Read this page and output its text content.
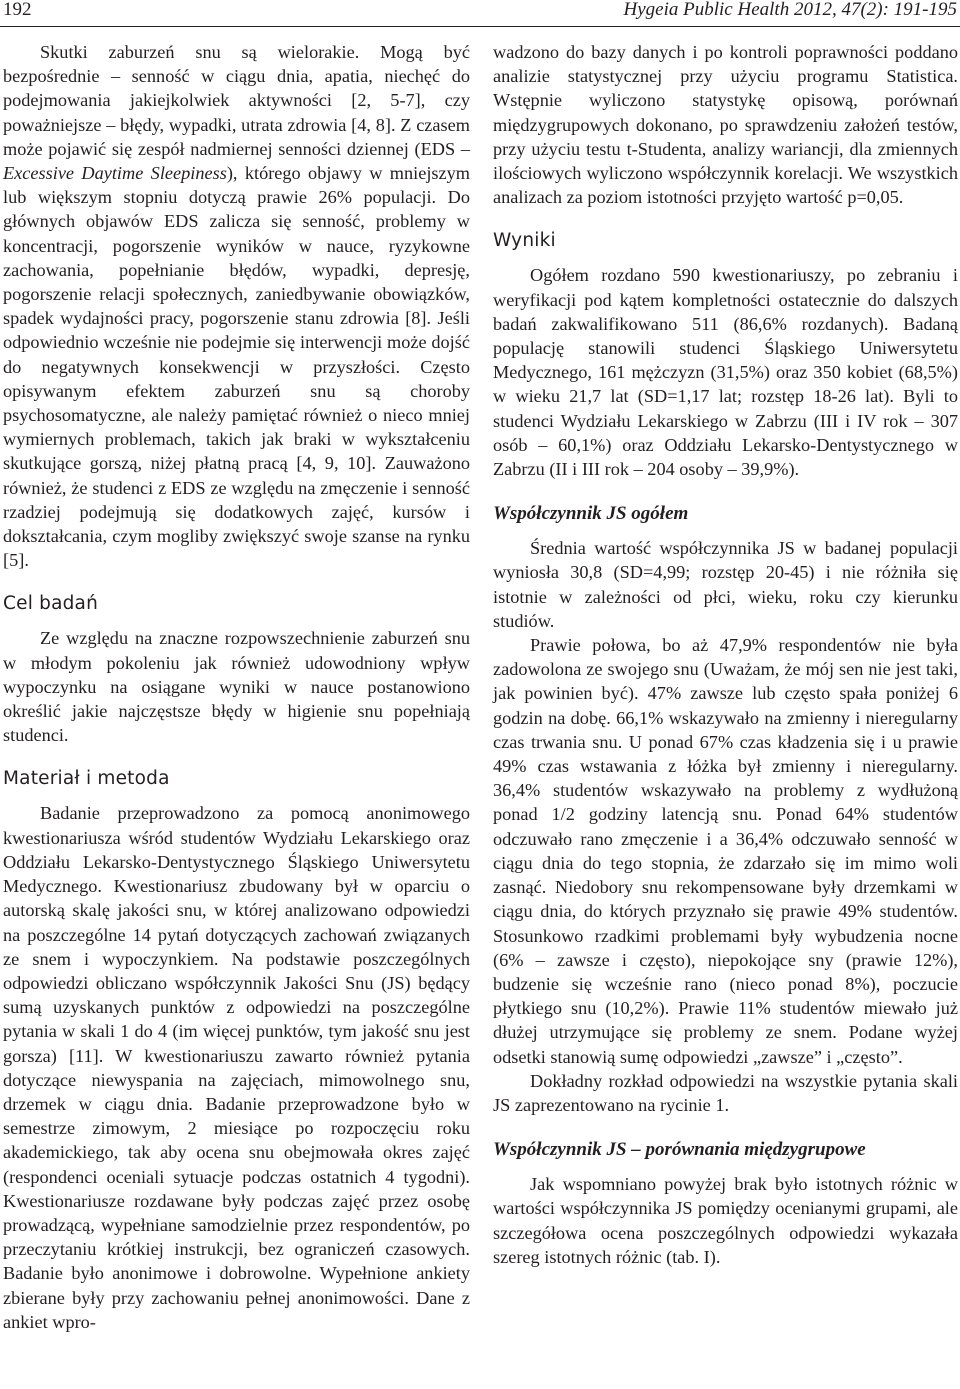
192	Hygeia Public Health 2012, 47(2): 191-195

Skutki zaburzeń snu są wielorakie. Mogą być bezpośrednie – senność w ciągu dnia, apatia, niechęć do podejmowania jakiejkolwiek aktywności [2, 5-7], czy poważniejsze – błędy, wypadki, utrata zdrowia [4, 8]. Z czasem może pojawić się zespół nadmiernej senności dziennej (EDS – Excessive Daytime Sleepiness), którego objawy w mniejszym lub większym stopniu dotyczą prawie 26% populacji. Do głównych objawów EDS zalicza się senność, problemy w koncentracji, pogorszenie wyników w nauce, ryzykowne zachowania, popełnianie błędów, wypadki, depresję, pogorszenie relacji społecznych, zaniedbywanie obowiązków, spadek wydajności pracy, pogorszenie stanu zdrowia [8]. Jeśli odpowiednio wcześnie nie podejmie się interwencji może dojść do negatywnych konsekwencji w przyszłości. Często opisywanym efektem zaburzeń snu są choroby psychosomatyczne, ale należy pamiętać również o nieco mniej wymiernych problemach, takich jak braki w wykształceniu skutkujące gorszą, niżej płatną pracą [4, 9, 10]. Zauważono również, że studenci z EDS ze względu na zmęczenie i senność rzadziej podejmują się dodatkowych zajęć, kursów i dokształcania, czym mogliby zwiększyć swoje szanse na rynku [5].

Cel badań

Ze względu na znaczne rozpowszechnienie zaburzeń snu w młodym pokoleniu jak również udowodniony wpływ wypoczynku na osiągane wyniki w nauce postanowiono określić jakie najczęstsze błędy w higienie snu popełniają studenci.

Materiał i metoda

Badanie przeprowadzono za pomocą anonimowego kwestionariusza wśród studentów Wydziału Lekarskiego oraz Oddziału Lekarsko-Dentystycznego Śląskiego Uniwersytetu Medycznego. Kwestionariusz zbudowany był w oparciu o autorską skalę jakości snu, w której analizowano odpowiedzi na poszczególne 14 pytań dotyczących zachowań związanych ze snem i wypoczynkiem. Na podstawie poszczególnych odpowiedzi obliczano współczynnik Jakości Snu (JS) będący sumą uzyskanych punktów z odpowiedzi na poszczególne pytania w skali 1 do 4 (im więcej punktów, tym jakość snu jest gorsza) [11]. W kwestionariuszu zawarto również pytania dotyczące niewyspania na zajęciach, mimowolnego snu, drzemek w ciągu dnia. Badanie przeprowadzone było w semestrze zimowym, 2 miesiące po rozpoczęciu roku akademickiego, tak aby ocena snu obejmowała okres zajęć (respondenci oceniali sytuacje podczas ostatnich 4 tygodni). Kwestionariusze rozdawane były podczas zajęć przez osobę prowadzącą, wypełniane samodzielnie przez respondentów, po przeczytaniu krótkiej instrukcji, bez ograniczeń czasowych. Badanie było anonimowe i dobrowolne. Wypełnione ankiety zbierane były przy zachowaniu pełnej anonimowości. Dane z ankiet wpro-

wadzono do bazy danych i po kontroli poprawności poddano analizie statystycznej przy użyciu programu Statistica. Wstępnie wyliczono statystykę opisową, porównań międzygrupowych dokonano, po sprawdzeniu założeń testów, przy użyciu testu t-Studenta, analizy wariancji, dla zmiennych ilościowych wyliczono współczynnik korelacji. We wszystkich analizach za poziom istotności przyjęto wartość p=0,05.

Wyniki

Ogółem rozdano 590 kwestionariuszy, po zebraniu i weryfikacji pod kątem kompletności ostatecznie do dalszych badań zakwalifikowano 511 (86,6% rozdanych). Badaną populację stanowili studenci Śląskiego Uniwersytetu Medycznego, 161 mężczyzn (31,5%) oraz 350 kobiet (68,5%) w wieku 21,7 lat (SD=1,17 lat; rozstęp 18-26 lat). Byli to studenci Wydziału Lekarskiego w Zabrzu (III i IV rok – 307 osób – 60,1%) oraz Oddziału Lekarsko-Dentystycznego w Zabrzu (II i III rok – 204 osoby – 39,9%).

Współczynnik JS ogółem

Średnia wartość współczynnika JS w badanej populacji wyniosła 30,8 (SD=4,99; rozstęp 20-45) i nie różniła się istotnie w zależności od płci, wieku, roku czy kierunku studiów.

Prawie połowa, bo aż 47,9% respondentów nie była zadowolona ze swojego snu (Uważam, że mój sen nie jest taki, jak powinien być). 47% zawsze lub często spała poniżej 6 godzin na dobę. 66,1% wskazywało na zmienny i nieregularny czas trwania snu. U ponad 67% czas kładzenia się i u prawie 49% czas wstawania z łóżka był zmienny i nieregularny. 36,4% studentów wskazywało na problemy z wydłużoną ponad 1/2 godziny latencją snu. Ponad 64% studentów odczuwało rano zmęczenie i a 36,4% odczuwało senność w ciągu dnia do tego stopnia, że zdarzało się im mimo woli zasnąć. Niedobory snu rekompensowane były drzemkami w ciągu dnia, do których przyznało się prawie 49% studentów. Stosunkowo rzadkimi problemami były wybudzenia nocne (6% – zawsze i często), niepokojące sny (prawie 12%), budzenie się wcześnie rano (nieco ponad 8%), poczucie płytkiego snu (10,2%). Prawie 11% studentów miewało już dłużej utrzymujące się problemy ze snem. Podane wyżej odsetki stanowią sumę odpowiedzi „zawsze” i „często”.

Dokładny rozkład odpowiedzi na wszystkie pytania skali JS zaprezentowano na rycinie 1.

Współczynnik JS – porównania międzygrupowe

Jak wspomniano powyżej brak było istotnych różnic w wartości współczynnika JS pomiędzy ocenianymi grupami, ale szczegółowa ocena poszczególnych odpowiedzi wykazała szereg istotnych różnic (tab. I).
